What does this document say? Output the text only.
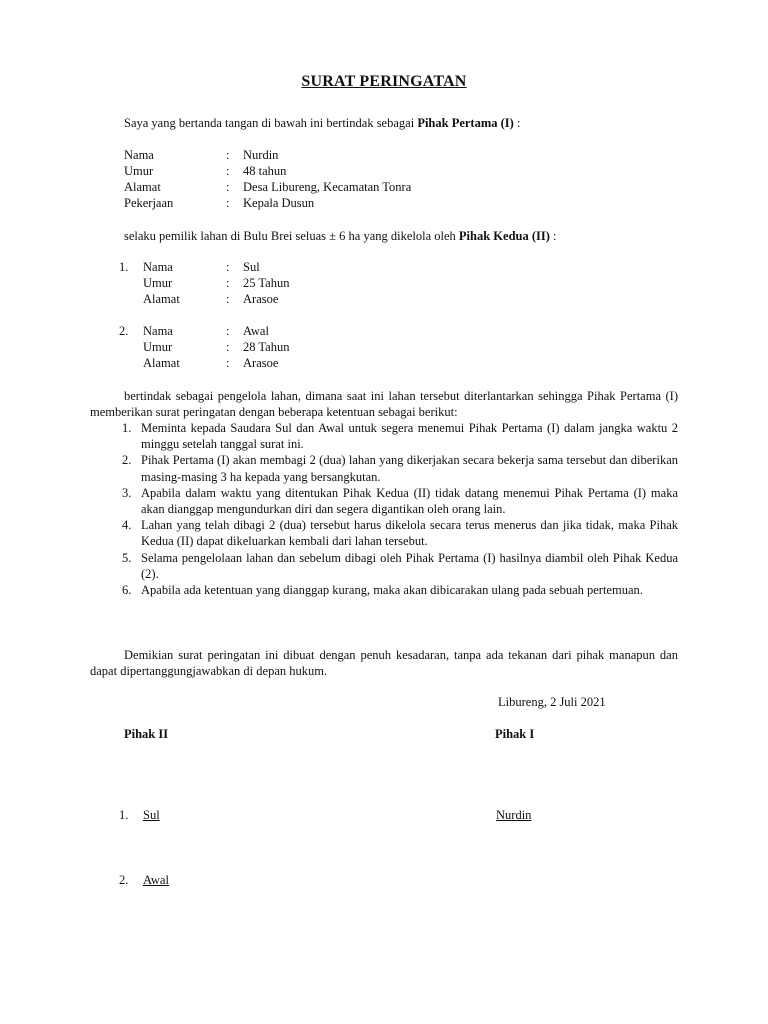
SURAT PERINGATAN
Saya yang bertanda tangan di bawah ini bertindak sebagai Pihak Pertama (I) :
Nama	: Nurdin
Umur	: 48 tahun
Alamat	: Desa Libureng, Kecamatan Tonra
Pekerjaan	: Kepala Dusun
selaku pemilik lahan di Bulu Brei seluas ± 6 ha yang dikelola oleh Pihak Kedua (II) :
1. Nama	: Sul
Umur	: 25 Tahun
Alamat	: Arasoe
2. Nama	: Awal
Umur	: 28 Tahun
Alamat	: Arasoe
bertindak sebagai pengelola lahan, dimana saat ini lahan tersebut diterlantarkan sehingga Pihak Pertama (I) memberikan surat peringatan dengan beberapa ketentuan sebagai berikut:
1. Meminta kepada Saudara Sul dan Awal untuk segera menemui Pihak Pertama (I) dalam jangka waktu 2 minggu setelah tanggal surat ini.
2. Pihak Pertama (I) akan membagi 2 (dua) lahan yang dikerjakan secara bekerja sama tersebut dan diberikan masing-masing 3 ha kepada yang bersangkutan.
3. Apabila dalam waktu yang ditentukan Pihak Kedua (II) tidak datang menemui Pihak Pertama (I) maka akan dianggap mengundurkan diri dan segera digantikan oleh orang lain.
4. Lahan yang telah dibagi 2 (dua) tersebut harus dikelola secara terus menerus dan jika tidak, maka Pihak Kedua (II) dapat dikeluarkan kembali dari lahan tersebut.
5. Selama pengelolaan lahan dan sebelum dibagi oleh Pihak Pertama (I) hasilnya diambil oleh Pihak Kedua (2).
6. Apabila ada ketentuan yang dianggap kurang, maka akan dibicarakan ulang pada sebuah pertemuan.
Demikian surat peringatan ini dibuat dengan penuh kesadaran, tanpa ada tekanan dari pihak manapun dan dapat dipertanggungjawabkan di depan hukum.
Libureng, 2 Juli 2021
Pihak II	Pihak I
1. Sul	Nurdin
2. Awal
